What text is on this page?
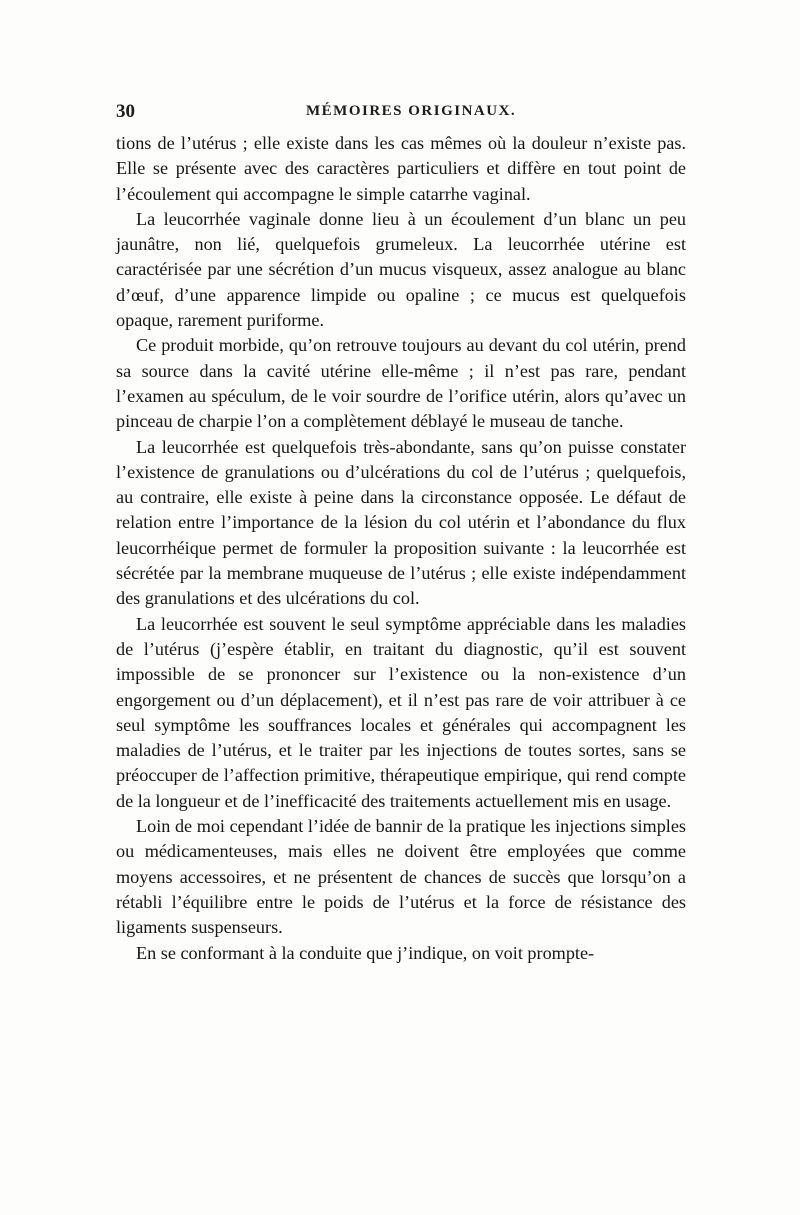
30	MÉMOIRES ORIGINAUX.

tions de l’utérus ; elle existe dans les cas mêmes où la douleur n’existe pas. Elle se présente avec des caractères particuliers et diffère en tout point de l’écoulement qui accompagne le simple catarrhe vaginal.

La leucorrhée vaginale donne lieu à un écoulement d’un blanc un peu jaunâtre, non lié, quelquefois grumeleux. La leucorrhée utérine est caractérisée par une sécrétion d’un mucus visqueux, assez analogue au blanc d’œuf, d’une apparence limpide ou opaline ; ce mucus est quelquefois opaque, rarement puriforme.

Ce produit morbide, qu’on retrouve toujours au devant du col utérin, prend sa source dans la cavité utérine elle-même ; il n’est pas rare, pendant l’examen au spéculum, de le voir sourdre de l’orifice utérin, alors qu’avec un pinceau de charpie l’on a complètement déblayé le museau de tanche.

La leucorrhée est quelquefois très-abondante, sans qu’on puisse constater l’existence de granulations ou d’ulcérations du col de l’utérus ; quelquefois, au contraire, elle existe à peine dans la circonstance opposée. Le défaut de relation entre l’importance de la lésion du col utérin et l’abondance du flux leucorrhéique permet de formuler la proposition suivante : la leucorrhée est sécrétée par la membrane muqueuse de l’utérus ; elle existe indépendamment des granulations et des ulcérations du col.

La leucorrhée est souvent le seul symptôme appréciable dans les maladies de l’utérus (j’espère établir, en traitant du diagnostic, qu’il est souvent impossible de se prononcer sur l’existence ou la non-existence d’un engorgement ou d’un déplacement), et il n’est pas rare de voir attribuer à ce seul symptôme les souffrances locales et générales qui accompagnent les maladies de l’utérus, et le traiter par les injections de toutes sortes, sans se préoccuper de l’affection primitive, thérapeutique empirique, qui rend compte de la longueur et de l’inefficacité des traitements actuellement mis en usage.

Loin de moi cependant l’idée de bannir de la pratique les injections simples ou médicamenteuses, mais elles ne doivent être employées que comme moyens accessoires, et ne présentent de chances de succès que lorsqu’on a rétabli l’équilibre entre le poids de l’utérus et la force de résistance des ligaments suspenseurs.

En se conformant à la conduite que j’indique, on voit prompte-
